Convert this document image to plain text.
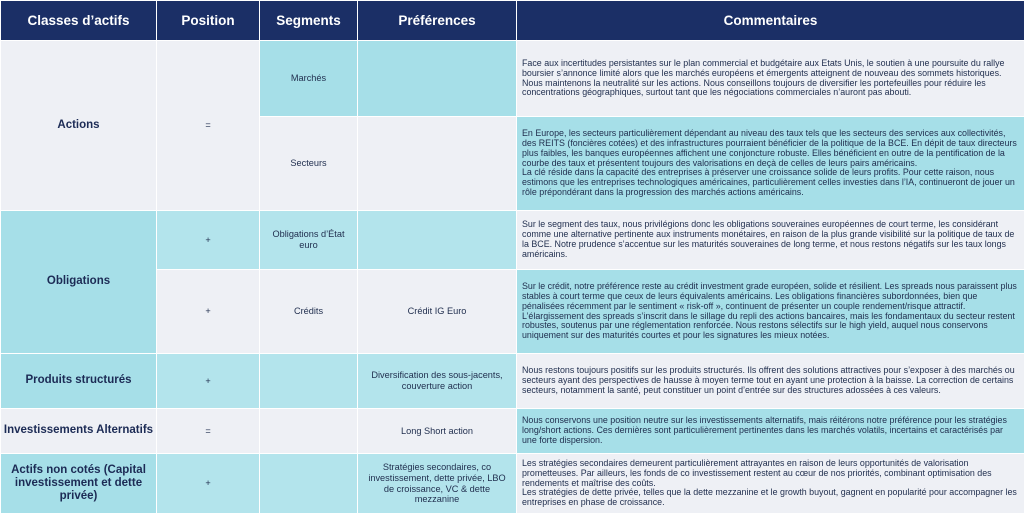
Classes d’actifs	Position	Segments	Préférences	Commentaires
Actions	=	Marchés		Face aux incertitudes persistantes sur le plan commercial et budgétaire aux Etats Unis, le soutien à une poursuite du rallye boursier s’annonce limité alors que les marchés européens et émergents atteignent de nouveau des sommets historiques. Nous maintenons la neutralité sur les actions. Nous conseillons toujours de diversifier les portefeuilles pour réduire les concentrations géographiques, surtout tant que les négociations commerciales n’auront pas abouti.
		Secteurs		En Europe, les secteurs particulièrement dépendant au niveau des taux tels que les secteurs des services aux collectivités, des REITS (foncières cotées) et des infrastructures pourraient bénéficier de la politique de la BCE. En dépit de taux directeurs plus faibles, les banques européennes affichent une conjoncture robuste. Elles bénéficient en outre de la pentification de la courbe des taux et présentent toujours des valorisations en deçà de celles de leurs pairs américains.
La clé réside dans la capacité des entreprises à préserver une croissance solide de leurs profits. Pour cette raison, nous estimons que les entreprises technologiques américaines, particulièrement celles investies dans l’IA, continueront de jouer un rôle prépondérant dans la progression des marchés actions américains.

Obligations	+	Obligations d’État euro		Sur le segment des taux, nous privilégions donc les obligations souveraines européennes de court terme, les considérant comme une alternative pertinente aux instruments monétaires, en raison de la plus grande visibilité sur la politique de taux de la BCE. Notre prudence s’accentue sur les maturités souveraines de long terme, et nous restons négatifs sur les taux longs américains.
	+	Crédits	Crédit IG Euro	Sur le crédit, notre préférence reste au crédit investment grade européen, solide et résilient. Les spreads nous paraissent plus stables à court terme que ceux de leurs équivalents américains. Les obligations financières subordonnées, bien que pénalisées récemment par le sentiment « risk-off », continuent de présenter un couple rendement/risque attractif. L’élargissement des spreads s’inscrit dans le sillage du repli des actions bancaires, mais les fondamentaux du secteur restent robustes, soutenus par une réglementation renforcée. Nous restons sélectifs sur le high yield, auquel nous conservons uniquement sur des maturités courtes et pour les signatures les mieux notées.
Produits structurés	+		Diversification des sous-jacents, couverture action	Nous restons toujours positifs sur les produits structurés. Ils offrent des solutions attractives pour s’exposer à des marchés ou secteurs ayant des perspectives de hausse à moyen terme tout en ayant une protection à la baisse. La correction de certains secteurs, notamment la santé, peut constituer un point d’entrée sur des structures adossées à ces valeurs.
Investissements Alternatifs	=		Long Short action	Nous conservons une position neutre sur les investissements alternatifs, mais réitérons notre préférence pour les stratégies long/short actions. Ces dernières sont particulièrement pertinentes dans les marchés volatils, incertains et caractérisés par une forte dispersion.
Actifs non cotés (Capital investissement et dette privée)	+		Stratégies secondaires, co investissement, dette privée, LBO de croissance, VC & dette mezzanine	Les stratégies secondaires demeurent particulièrement attrayantes en raison de leurs opportunités de valorisation prometteuses. Par ailleurs, les fonds de co investissement restent au cœur de nos priorités, combinant optimisation des rendements et maîtrise des coûts.
Les stratégies de dette privée, telles que la dette mezzanine et le growth buyout, gagnent en popularité pour accompagner les entreprises en phase de croissance.
